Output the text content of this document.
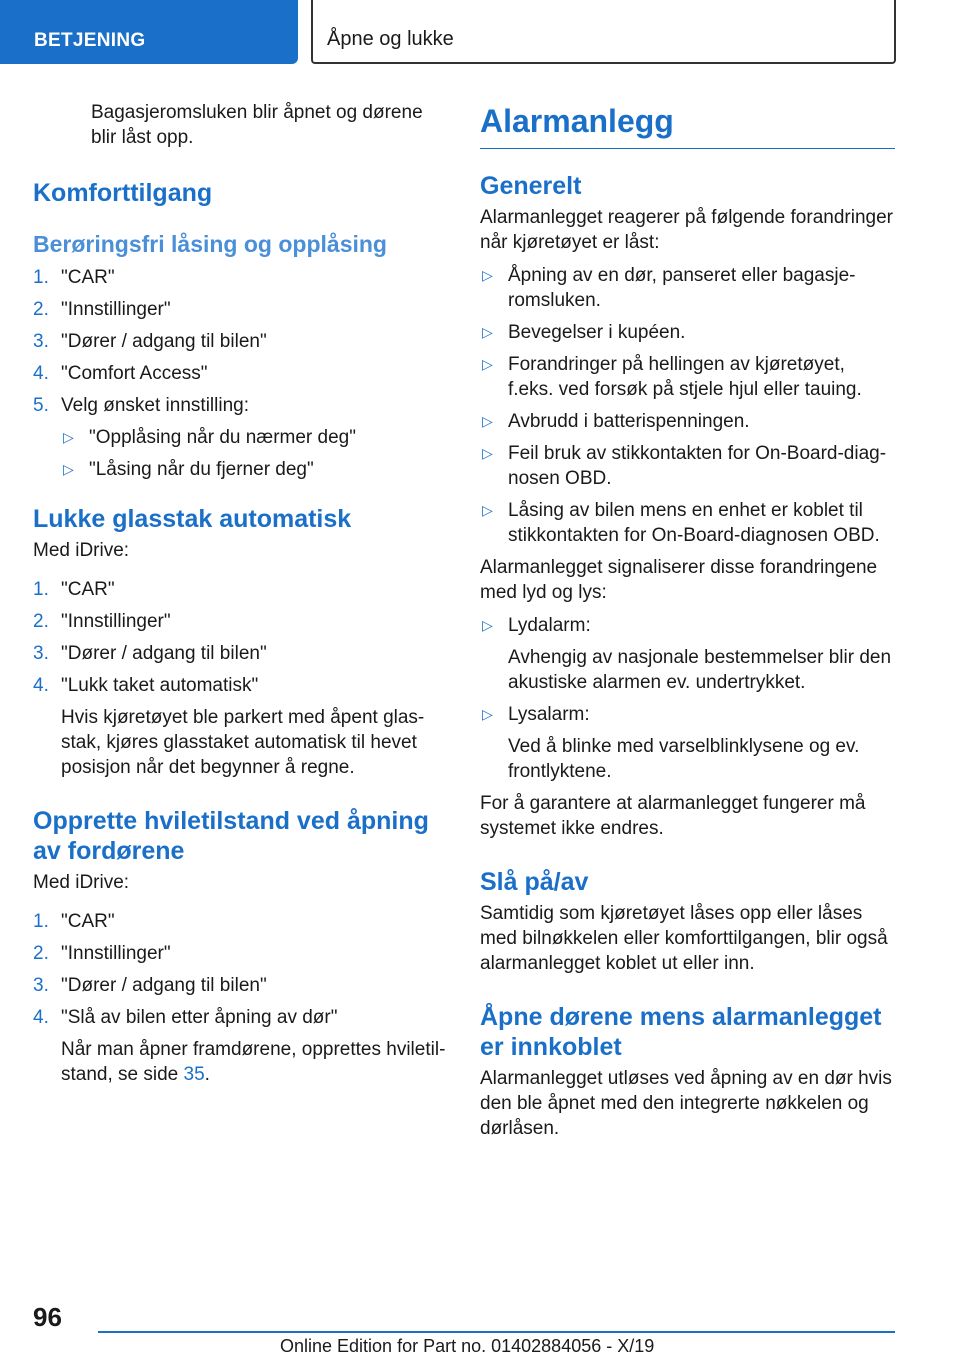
BETJENING	Åpne og lukke

Bagasjeromsluken blir åpnet og dørene blir låst opp.

Komforttilgang
Berøringsfri låsing og opplåsing
1. "CAR"
2. "Innstillinger"
3. "Dører / adgang til bilen"
4. "Comfort Access"
5. Velg ønsket innstilling:
▷ "Opplåsing når du nærmer deg"
▷ "Låsing når du fjerner deg"
Lukke glasstak automatisk

Med iDrive:

1. "CAR"
2. "Innstillinger"
3. "Dører / adgang til bilen"
4. "Lukk taket automatisk"

Hvis kjøretøyet ble parkert med åpent glasstak, kjøres glasstaket automatisk til hevet posisjon når det begynner å regne.

Opprette hviletilstand ved åpning av fordørene

Med iDrive:

1. "CAR"
2. "Innstillinger"
3. "Dører / adgang til bilen"
4. "Slå av bilen etter åpning av dør"

Når man åpner framdørene, opprettes hviletilstand, se side 35.

Alarmanlegg
Generelt

Alarmanlegget reagerer på følgende forandringer når kjøretøyet er låst:

▷ Åpning av en dør, panseret eller bagasjeromsluken.
▷ Bevegelser i kupéen.
▷ Forandringer på hellingen av kjøretøyet, f.eks. ved forsøk på stjele hjul eller tauing.
▷ Avbrudd i batterispenningen.
▷ Feil bruk av stikkontakten for On-Board-diagnosen OBD.
▷ Låsing av bilen mens en enhet er koblet til stikkontakten for On-Board-diagnosen OBD.

Alarmanlegget signaliserer disse forandringene med lyd og lys:

▷ Lydalarm:

Avhengig av nasjonale bestemmelser blir den akustiske alarmen ev. undertrykket.

▷ Lysalarm:

Ved å blinke med varselblinklysene og ev. frontlyktene.

For å garantere at alarmanlegget fungerer må systemet ikke endres.

Slå på/av

Samtidig som kjøretøyet låses opp eller låses med bilnøkkelen eller komforttilgangen, blir også alarmanlegget koblet ut eller inn.

Åpne dørene mens alarmanlegget er innkoblet

Alarmanlegget utløses ved åpning av en dør hvis den ble åpnet med den integrerte nøkkelen og dørlåsen.

96
Online Edition for Part no. 01402884056 - X/19
